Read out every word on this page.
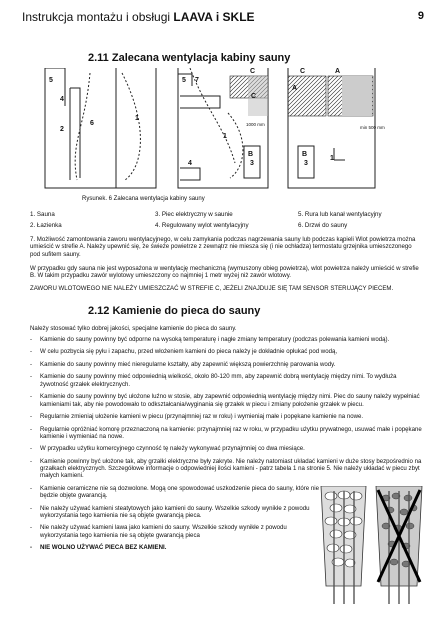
Instrukcja montażu i obsługi LAAVA i SKLE	9
2.11 Zalecana wentylacja kabiny sauny
5
4
2
6
1
5 7
1
4
B
3
C
C
C	A
B
3
1
A
1000 mm
min 500 mm
Rysunek. 6 Zalecana wentylacja kabiny sauny
1. Sauna	3. Piec elektryczny w saunie	5. Rura lub kanał wentylacyjny
2. Łazienka	4. Regulowany wylot wentylacyjny	6. Drzwi do sauny
7. Możliwość zamontowania zaworu wentylacyjnego, w celu zamykania podczas nagrzewania sauny lub podczas kąpieli Wlot powietrza można umieścić w strefie A. Należy upewnić się, że świeże powietrze z zewnątrz nie miesza się (i nie ochładza) termostatu grzejnika umieszczonego pod sufitem sauny.
W przypadku gdy sauna nie jest wyposażona w wentylację mechaniczną (wymuszony obieg powietrza), wlot powietrza należy umieścić w strefie B. W takim przypadku zawór wylotowy umieszczony co najmniej 1 metr wyżej niż zawór wlotowy.
ZAWORU WLOTOWEGO NIE NALEŻY UMIESZCZAĆ W STREFIE C, JEŻELI ZNAJDUJE SIĘ TAM SENSOR STERUJĄCY PIECEM.
2.12 Kamienie do pieca do sauny
Należy stosować tylko dobrej jakości, specjalne kamienie do pieca do sauny.
- Kamienie do sauny powinny być odporne na wysoką temperaturę i nagłe zmiany temperatury (podczas polewania kamieni wodą).
- W celu pozbycia się pyłu i zapachu, przed włożeniem kamieni do pieca należy je dokładnie opłukać pod wodą,
- Kamienie do sauny powinny mieć nieregularne kształty, aby zapewnić większą powierzchnię parowania wody.
- Kamienie do sauny powinny mieć odpowiednią wielkość, około 80-120 mm, aby zapewnić dobrą wentylację między nimi. To wydłuża żywotność grzałek elektrycznych.
- Kamienie do sauny powinny być ułożone luźno w stosie, aby zapewnić odpowiednią wentylację między nimi. Piec do sauny należy wypełniać kamieniami tak, aby nie powodowało to odkształcania/wyginania się grzałek w piecu i zmiany położenie grzałek w piecu.
- Regularnie zmieniaj ułożenie kamieni w piecu (przynajmniej raz w roku) i wymieniaj małe i popękane kamienie na nowe.
- Regularnie opróżniać komorę przeznaczoną na kamienie: przynajmniej raz w roku, w przypadku użytku prywatnego, usuwać małe i popękane kamienie i wymieniać na nowe.
- W przypadku użytku komercyjnego czynność tę należy wykonywać przynajmniej co dwa miesiące.
- Kamienie powinny być ułożone tak, aby grzałki elektryczne były zakryte. Nie należy natomiast układać kamieni w duże stosy bezpośrednio na grzałkach elektrycznych. Szczegółowe informacje o odpowiedniej ilości kamieni - patrz tabela 1 na stronie 5. Nie należy układać w piecu zbyt małych kamieni.
- Kamienie ceramiczne nie są dozwolone. Mogą one spowodować uszkodzenie pieca do sauny, które nie będzie objęte gwarancją.
- Nie należy używać kamieni steatytowych jako kamieni do sauny. Wszelkie szkody wynikłe z powodu wykorzystania tego kamienia nie są objęte gwarancją pieca.
- Nie należy używać kamieni lawa jako kamieni do sauny. Wszelkie szkody wynikłe z powodu wykorzystania tego kamienia nie są objęte gwarancją pieca
- NIE WOLNO UŻYWAĆ PIECA BEZ KAMIENI.
